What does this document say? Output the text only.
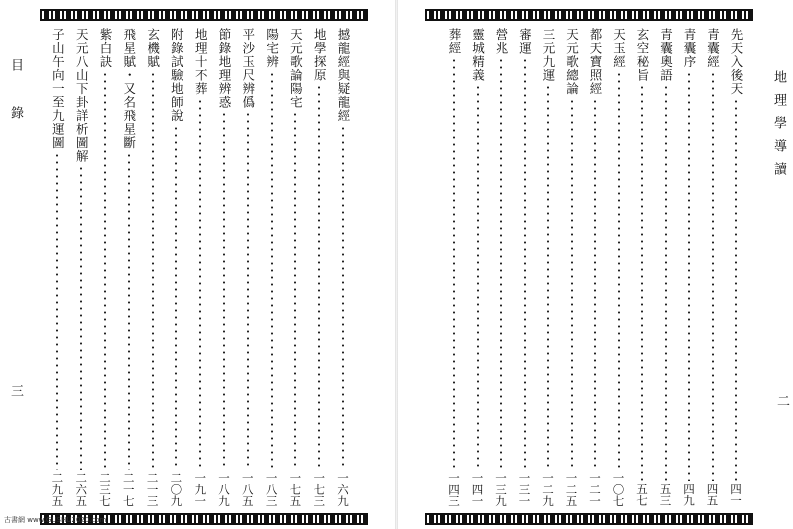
目 錄
三
撼龍經與疑龍經
一六九
地學探原
一七三
天元歌論陽宅
一七五
陽宅辨
一八三
平沙玉尺辨僞
一八五
節錄地理辨惑
一八九
地理十不葬
一九一
附錄試驗地師說
二〇九
玄機賦
二一三
飛星賦・又名飛星斷
二一七
紫白訣
二三七
天元八山下卦詳析圖解
二六五
子山午向一至九運圖
二九五
地理學導讀
二
先天入後天
四一
青囊經
四五
青囊序
四九
青囊奧語
五三
玄空秘旨
五七
天玉經
一〇七
都天寶照經
一二一
天元歌總論
一二五
三元九運
一二九
審運
一三一
營兆
一三九
靈城精義
一四一
葬經
一四三
古書網 www.GUSHU2020.com
